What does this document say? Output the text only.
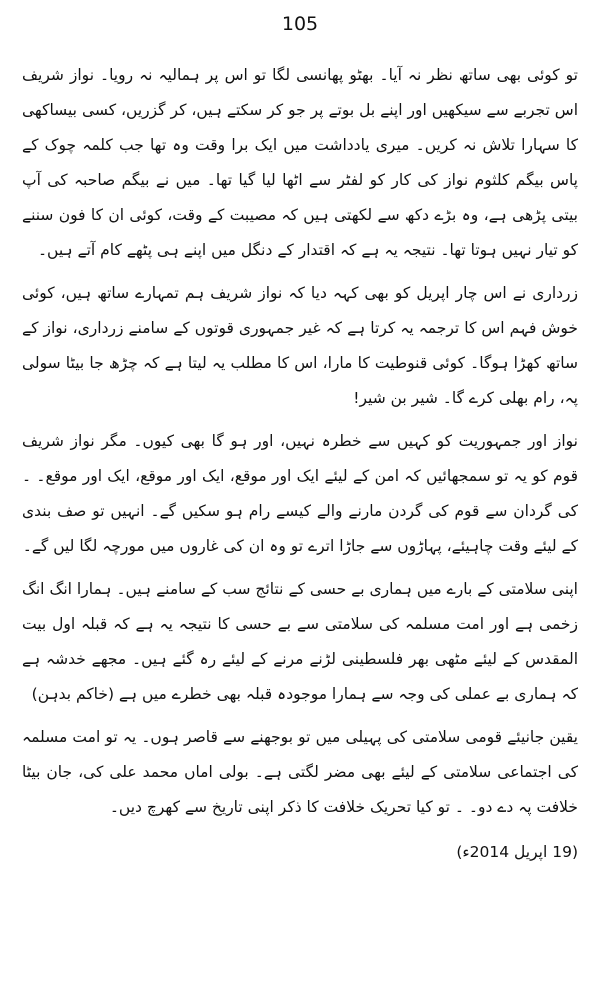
105

تو کوئی بھی ساتھ نظر نہ آیا۔ بھٹو پھانسی لگا تو اس پر ہمالیہ نہ رویا۔ نواز شریف اس تجربے سے سیکھیں اور اپنے بل بوتے پر جو کر سکتے ہیں، کر گزریں، کسی بیساکھی کا سہارا تلاش نہ کریں۔ میری یادداشت میں ایک برا وقت وہ تھا جب کلمہ چوک کے پاس بیگم کلثوم نواز کی کار کو لفٹر سے اٹھا لیا گیا تھا۔ میں نے بیگم صاحبہ کی آپ بیتی پڑھی ہے، وہ بڑے دکھ سے لکھتی ہیں کہ مصیبت کے وقت، کوئی ان کا فون سننے کو تیار نہیں ہوتا تھا۔ نتیجہ یہ ہے کہ اقتدار کے دنگل میں اپنے ہی پٹھے کام آتے ہیں۔

زرداری نے اس چار اپریل کو بھی کہہ دیا کہ نواز شریف ہم تمہارے ساتھ ہیں، کوئی خوش فہم اس کا ترجمہ یہ کرتا ہے کہ غیر جمہوری قوتوں کے سامنے زرداری، نواز کے ساتھ کھڑا ہوگا۔ کوئی قنوطیت کا مارا، اس کا مطلب یہ لیتا ہے کہ چڑھ جا بیٹا سولی پہ، رام بھلی کرے گا۔ شیر بن شیر!

نواز اور جمہوریت کو کہیں سے خطرہ نہیں، اور ہو گا بھی کیوں۔ مگر نواز شریف قوم کو یہ تو سمجھائیں کہ امن کے لیئے ایک اور موقع، ایک اور موقع، ایک اور موقع۔ ۔ کی گردان سے قوم کی گردن مارنے والے کیسے رام ہو سکیں گے۔ انہیں تو صف بندی کے لیئے وقت چاہیئے، پہاڑوں سے جاڑا اترے تو وہ ان کی غاروں میں مورچہ لگا لیں گے۔

اپنی سلامتی کے بارے میں ہماری بے حسی کے نتائج سب کے سامنے ہیں۔ ہمارا انگ انگ زخمی ہے اور امت مسلمہ کی سلامتی سے بے حسی کا نتیجہ یہ ہے کہ قبلہ اول بیت المقدس کے لیئے مٹھی بھر فلسطینی لڑنے مرنے کے لیئے رہ گئے ہیں۔ مجھے خدشہ ہے کہ ہماری بے عملی کی وجہ سے ہمارا موجودہ قبلہ بھی خطرے میں ہے (خاکم بدہن)

یقین جانیئے قومی سلامتی کی پہیلی میں تو بوجھنے سے قاصر ہوں۔ یہ تو امت مسلمہ کی اجتماعی سلامتی کے لیئے بھی مضر لگتی ہے۔ بولی اماں محمد علی کی، جان بیٹا خلافت پہ دے دو۔ ۔ تو کیا تحریک خلافت کا ذکر اپنی تاریخ سے کھرچ دیں۔

(19 اپریل 2014ء)
